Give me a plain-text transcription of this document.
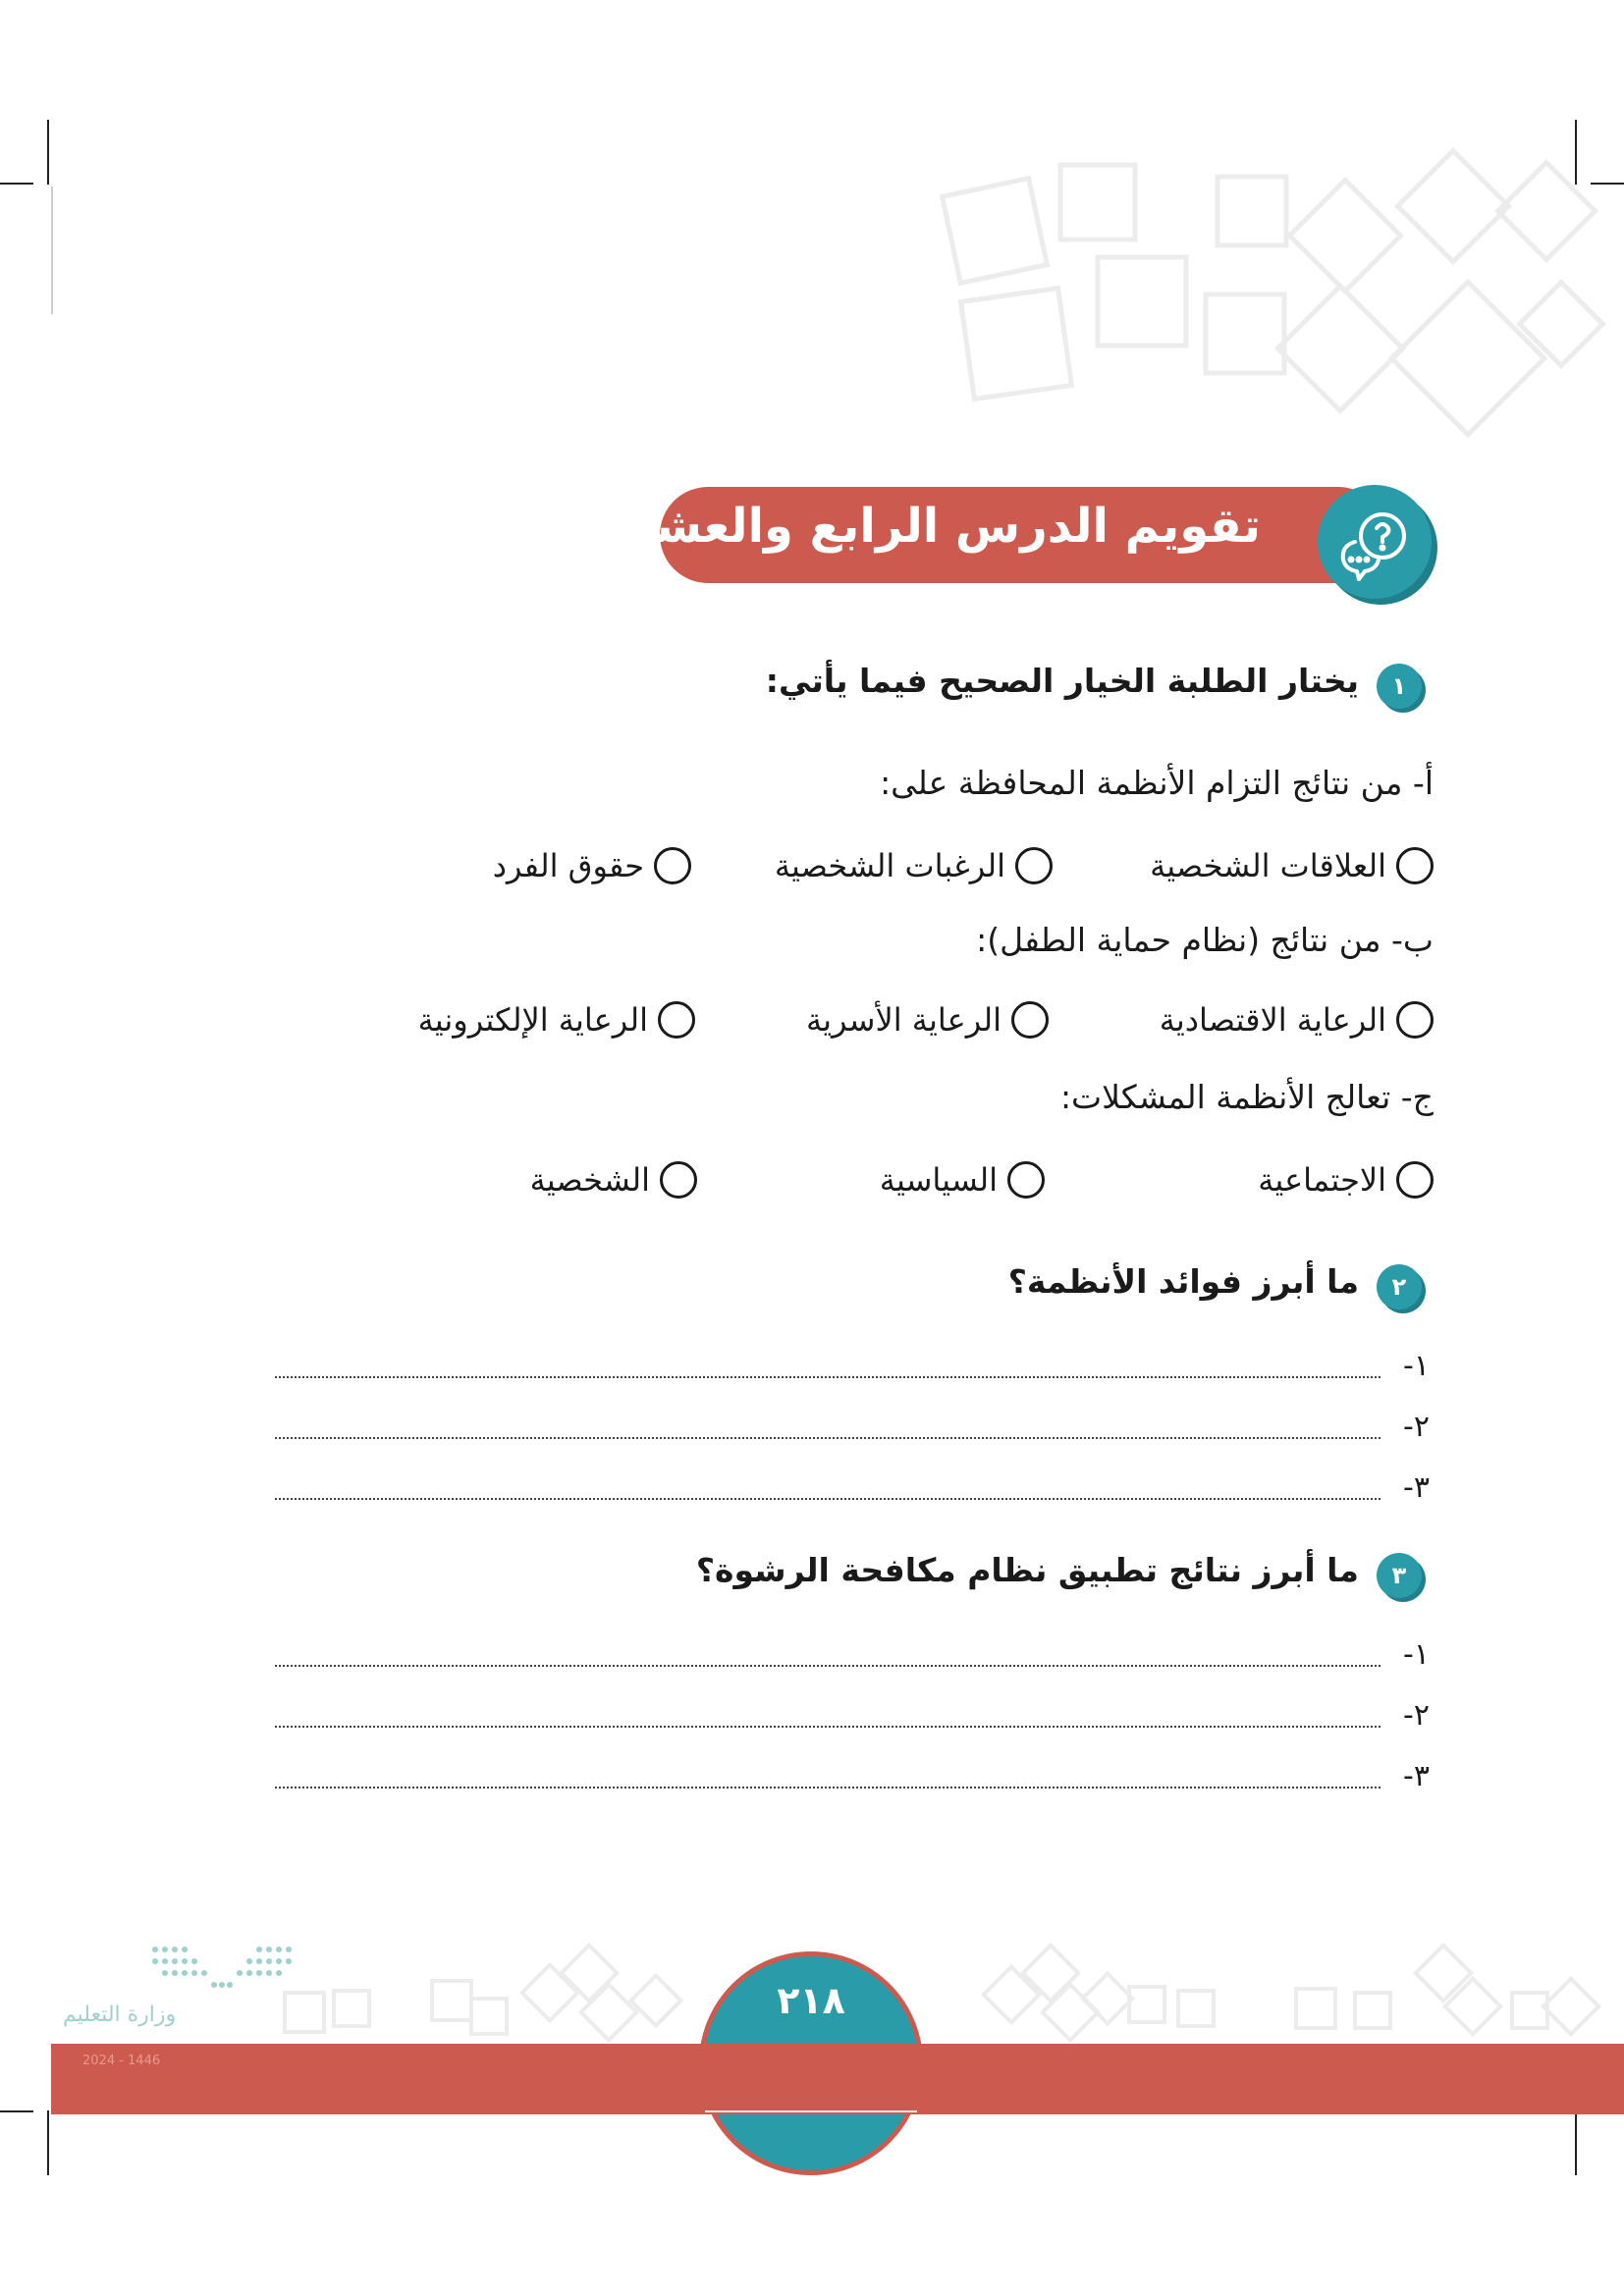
تقويم الدرس الرابع والعشرين
١
يختار الطلبة الخيار الصحيح فيما يأتي:
أ- من نتائج التزام الأنظمة المحافظة على:
العلاقات الشخصية
الرغبات الشخصية
حقوق الفرد
ب- من نتائج (نظام حماية الطفل):
الرعاية الاقتصادية
الرعاية الأسرية
الرعاية الإلكترونية
ج- تعالج الأنظمة المشكلات:
الاجتماعية
السياسية
الشخصية
٢
ما أبرز فوائد الأنظمة؟
١-
٢-
٣-
٣
ما أبرز نتائج تطبيق نظام مكافحة الرشوة؟
١-
٢-
٣-
٢١٨
وزارة التعليم
2024 - 1446
